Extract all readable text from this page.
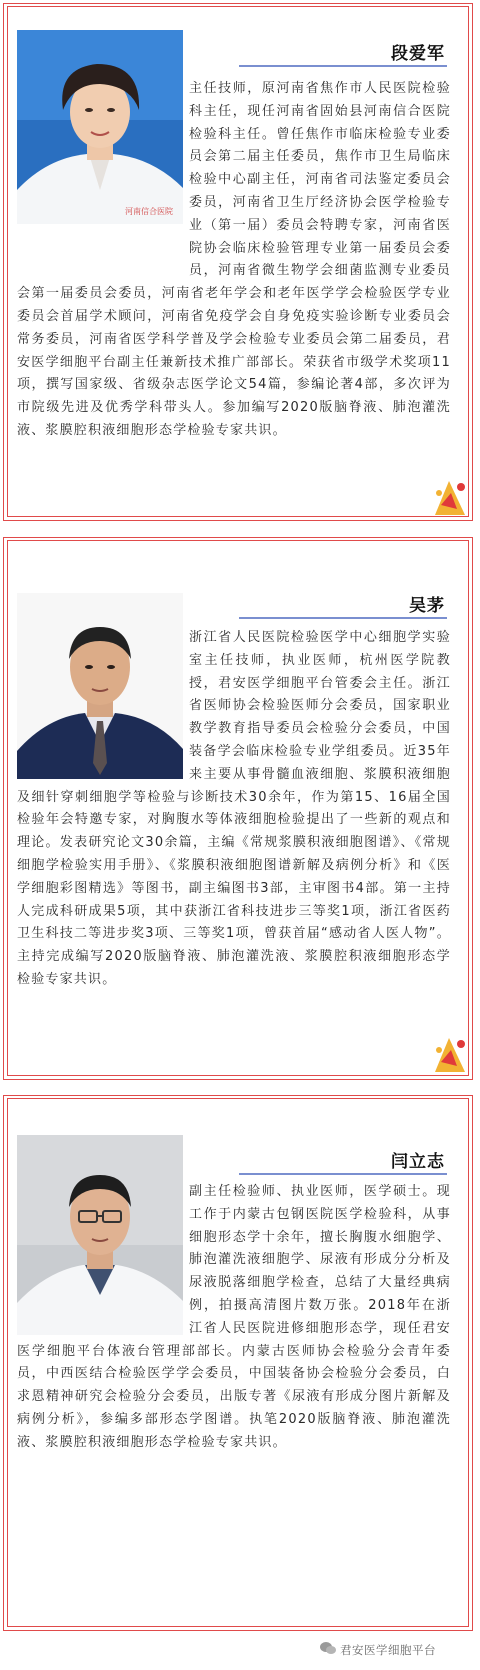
段爱军
河南信合医院

主任技师，原河南省焦作市人民医院检验科主任，现任河南省固始县河南信合医院检验科主任。曾任焦作市临床检验专业委员会第二届主任委员，焦作市卫生局临床检验中心副主任，河南省司法鉴定委员会委员，河南省卫生厅经济协会医学检验专业（第一届）委员会特聘专家，河南省医院协会临床检验管理专业第一届委员会委员，河南省微生物学会细菌监测专业委员会第一届委员会委员，河南省老年学会和老年医学学会检验医学专业委员会首届学术顾问，河南省免疫学会自身免疫实验诊断专业委员会常务委员，河南省医学科学普及学会检验专业委员会第二届委员，君安医学细胞平台副主任兼新技术推广部部长。荣获省市级学术奖项11项，撰写国家级、省级杂志医学论文54篇，参编论著4部，多次评为市院级先进及优秀学科带头人。参加编写2020版脑脊液、肺泡灌洗液、浆膜腔积液细胞形态学检验专家共识。

吴茅

浙江省人民医院检验医学中心细胞学实验室主任技师，执业医师，杭州医学院教授，君安医学细胞平台管委会主任。浙江省医师协会检验医师分会委员，国家职业教学教育指导委员会检验分会委员，中国装备学会临床检验专业学组委员。近35年来主要从事骨髓血液细胞、浆膜积液细胞及细针穿刺细胞学等检验与诊断技术30余年，作为第15、16届全国检验年会特邀专家，对胸腹水等体液细胞检验提出了一些新的观点和理论。发表研究论文30余篇，主编《常规浆膜积液细胞图谱》、《常规细胞学检验实用手册》、《浆膜积液细胞图谱新解及病例分析》和《医学细胞彩图精选》等图书，副主编图书3部，主审图书4部。第一主持人完成科研成果5项，其中获浙江省科技进步三等奖1项，浙江省医药卫生科技二等进步奖3项、三等奖1项，曾获首届“感动省人医人物”。主持完成编写2020版脑脊液、肺泡灌洗液、浆膜腔积液细胞形态学检验专家共识。

闫立志

副主任检验师、执业医师，医学硕士。现工作于内蒙古包钢医院医学检验科，从事细胞形态学十余年，擅长胸腹水细胞学、肺泡灌洗液细胞学、尿液有形成分分析及尿液脱落细胞学检查，总结了大量经典病例，拍摄高清图片数万张。2018年在浙江省人民医院进修细胞形态学，现任君安医学细胞平台体液台管理部部长。内蒙古医师协会检验分会青年委员，中西医结合检验医学学会委员，中国装备协会检验分会委员，白求恩精神研究会检验分会委员，出版专著《尿液有形成分图片新解及病例分析》，参编多部形态学图谱。执笔2020版脑脊液、肺泡灌洗液、浆膜腔积液细胞形态学检验专家共识。

君安医学细胞平台
